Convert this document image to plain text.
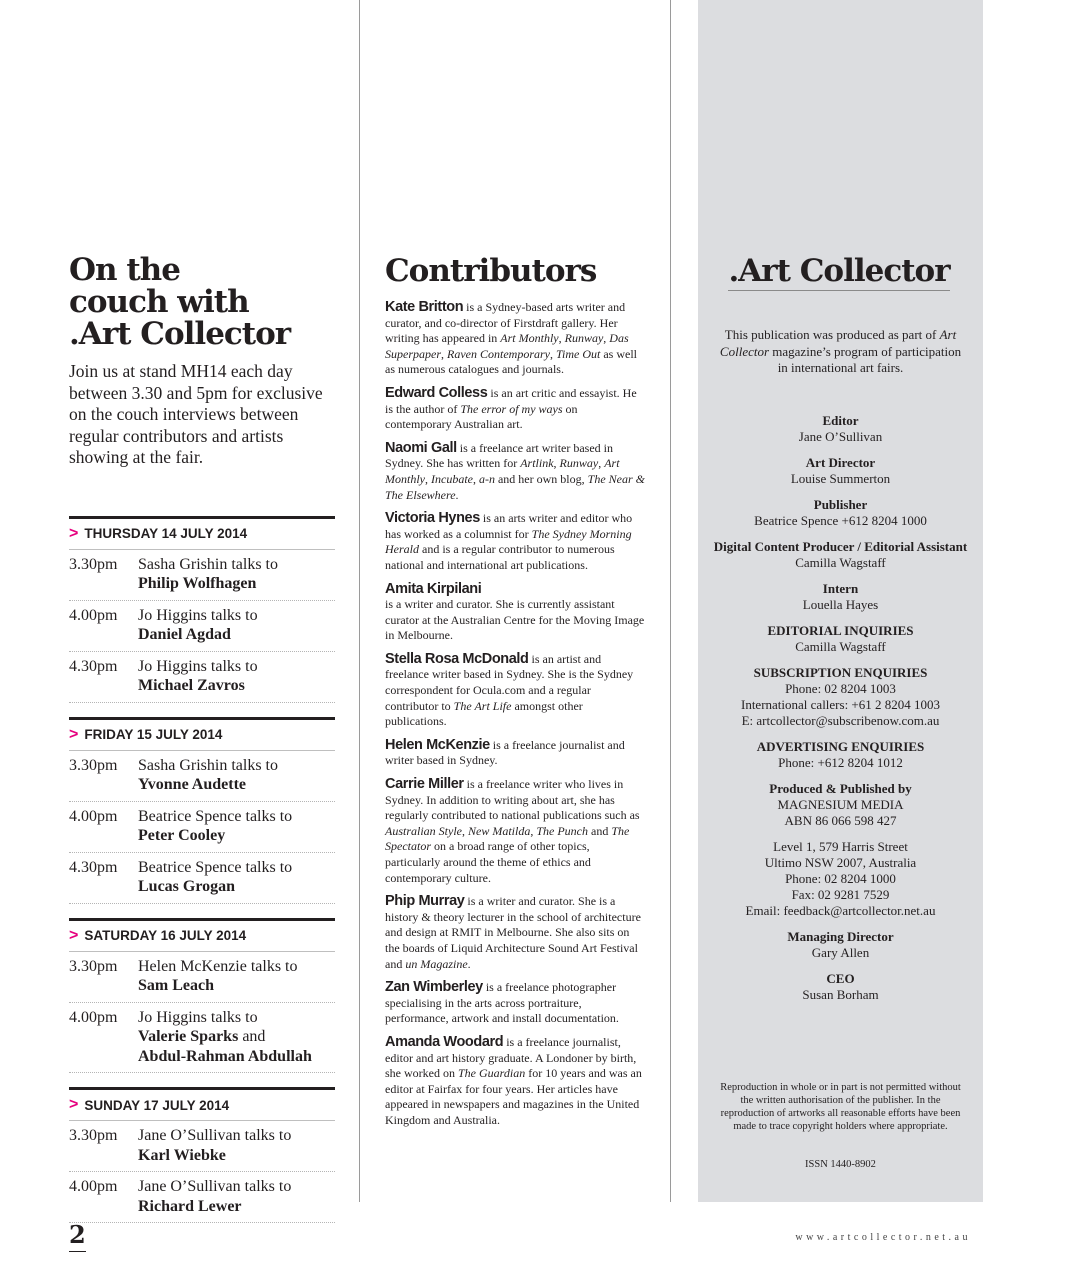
On the
couch with
.Art Collector

Join us at stand MH14 each day between 3.30 and 5pm for exclusive on the couch interviews between regular contributors and artists showing at the fair.

> THURSDAY 14 JULY 2014
3.30pm	Sasha Grishin talks to
Philip Wolfhagen
4.00pm	Jo Higgins talks to
Daniel Agdad
4.30pm	Jo Higgins talks to
Michael Zavros
> FRIDAY 15 JULY 2014
3.30pm	Sasha Grishin talks to
Yvonne Audette
4.00pm	Beatrice Spence talks to
Peter Cooley
4.30pm	Beatrice Spence talks to
Lucas Grogan
> SATURDAY 16 JULY 2014
3.30pm	Helen McKenzie talks to
Sam Leach
4.00pm	Jo Higgins talks to
Valerie Sparks and
Abdul-Rahman Abdullah
> SUNDAY 17 JULY 2014
3.30pm	Jane O’Sullivan talks to
Karl Wiebke
4.00pm	Jane O’Sullivan talks to
Richard Lewer
Contributors

Kate Britton is a Sydney-based arts writer and curator, and co-director of Firstdraft gallery. Her writing has appeared in Art Monthly, Runway, Das Superpaper, Raven Contemporary, Time Out as well as numerous catalogues and journals.

Edward Colless is an art critic and essayist. He is the author of The error of my ways on contemporary Australian art.

Naomi Gall is a freelance art writer based in Sydney. She has written for Artlink, Runway, Art Monthly, Incubate, a-n and her own blog, The Near & The Elsewhere.

Victoria Hynes is an arts writer and editor who has worked as a columnist for The Sydney Morning Herald and is a regular contributor to numerous national and international art publications.

Amita Kirpilani
is a writer and curator. She is currently assistant curator at the Australian Centre for the Moving Image in Melbourne.

Stella Rosa McDonald is an artist and freelance writer based in Sydney. She is the Sydney correspondent for Ocula.com and a regular contributor to The Art Life amongst other publications.

Helen McKenzie is a freelance journalist and writer based in Sydney.

Carrie Miller is a freelance writer who lives in Sydney. In addition to writing about art, she has regularly contributed to national publications such as Australian Style, New Matilda, The Punch and The Spectator on a broad range of other topics, particularly around the theme of ethics and contemporary culture.

Phip Murray is a writer and curator. She is a history & theory lecturer in the school of architecture and design at RMIT in Melbourne. She also sits on the boards of Liquid Architecture Sound Art Festival and un Magazine.

Zan Wimberley is a freelance photographer specialising in the arts across portraiture, performance, artwork and install documentation.

Amanda Woodard is a freelance journalist, editor and art history graduate. A Londoner by birth, she worked on The Guardian for 10 years and was an editor at Fairfax for four years. Her articles have appeared in newspapers and magazines in the United Kingdom and Australia.

.Art Collector

This publication was produced as part of Art Collector magazine’s program of participation in international art fairs.

Editor
Jane O’Sullivan
Art Director
Louise Summerton
Publisher
Beatrice Spence +612 8204 1000
Digital Content Producer / Editorial Assistant
Camilla Wagstaff
Intern
Louella Hayes
EDITORIAL INQUIRIES
Camilla Wagstaff
SUBSCRIPTION ENQUIRIES
Phone: 02 8204 1003
International callers: +61 2 8204 1003
E: artcollector@subscribenow.com.au
ADVERTISING ENQUIRIES
Phone: +612 8204 1012
Produced & Published by
MAGNESIUM MEDIA
ABN 86 066 598 427
Level 1, 579 Harris Street
Ultimo NSW 2007, Australia
Phone: 02 8204 1000
Fax: 02 9281 7529
Email: feedback@artcollector.net.au
Managing Director
Gary Allen
CEO
Susan Borham

Reproduction in whole or in part is not permitted without the written authorisation of the publisher. In the reproduction of artworks all reasonable efforts have been made to trace copyright holders where appropriate.

ISSN 1440-8902

2	www.artcollector.net.au
